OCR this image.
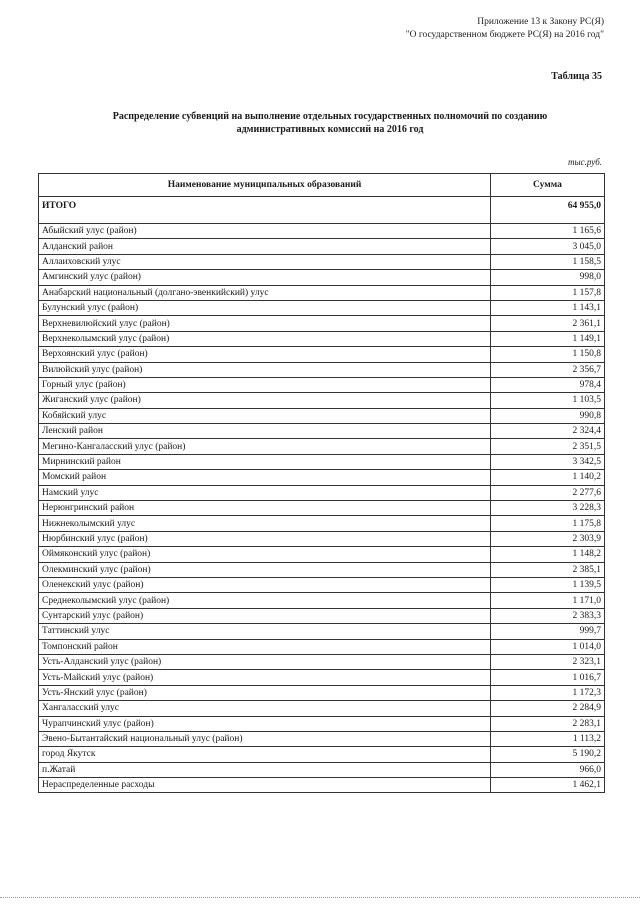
Приложение 13 к Закону РС(Я)
"О государственном бюджете РС(Я) на 2016 год"
Таблица 35
Распределение субвенций на выполнение отдельных государственных полномочий по созданию
административных комиссий на 2016 год
тыс.руб.
Наименование муниципальных образований	Сумма
ИТОГО	64 955,0
Абыйский улус (район)	1 165,6
Алданский район	3 045,0
Аллаиховский улус	1 158,5
Амгинский улус (район)	998,0
Анабарский национальный (долгано-эвенкийский) улус	1 157,8
Булунский улус (район)	1 143,1
Верхневилюйский улус (район)	2 361,1
Верхнеколымский улус (район)	1 149,1
Верхоянский улус (район)	1 150,8
Вилюйский улус (район)	2 356,7
Горный улус (район)	978,4
Жиганский улус (район)	1 103,5
Кобяйский улус	990,8
Ленский район	2 324,4
Мегино-Кангаласский улус (район)	2 351,5
Мирнинский район	3 342,5
Момский район	1 140,2
Намский улус	2 277,6
Нерюнгринский район	3 228,3
Нижнеколымский улус	1 175,8
Нюрбинский улус (район)	2 303,9
Оймяконский улус (район)	1 148,2
Олекминский улус (район)	2 385,1
Оленекский улус (район)	1 139,5
Среднеколымский улус (район)	1 171,0
Сунтарский улус (район)	2 383,3
Таттинский улус	999,7
Томпонский район	1 014,0
Усть-Алданский улус (район)	2 323,1
Усть-Майский улус (район)	1 016,7
Усть-Янский улус (район)	1 172,3
Хангаласский улус	2 284,9
Чурапчинский улус (район)	2 283,1
Эвено-Бытантайский национальный улус (район)	1 113,2
город Якутск	5 190,2
п.Жатай	966,0
Нераспределенные расходы	1 462,1
